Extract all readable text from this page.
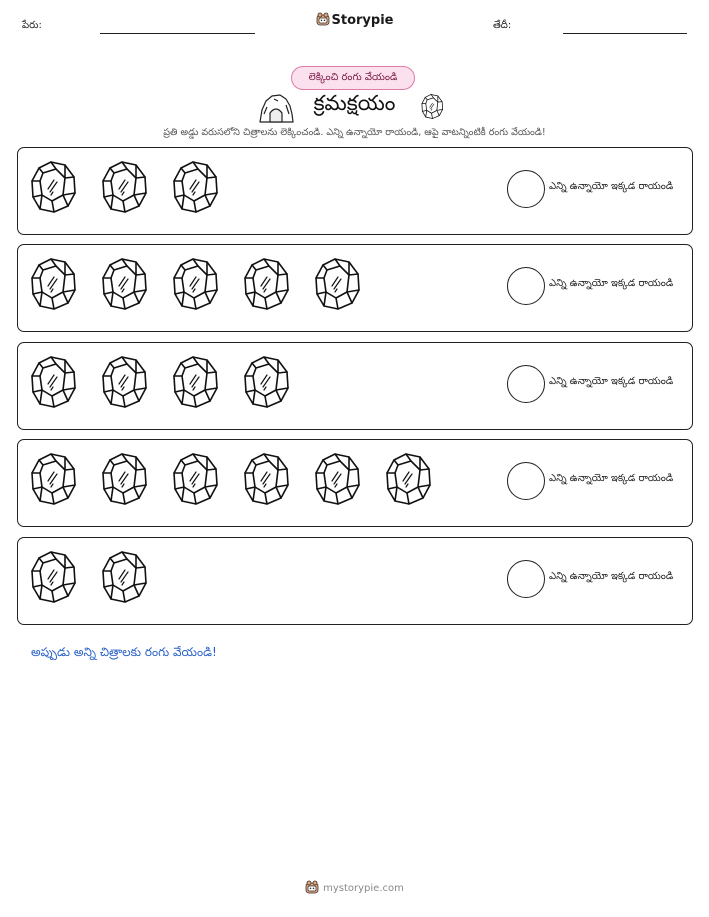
పేరు:	Storypie	తేదీ:
లెక్కించి రంగు వేయండి
క్రమక్షయం
ప్రతి అడ్డు వరుసలోని చిత్రాలను లెక్కించండి. ఎన్ని ఉన్నాయో రాయండి, ఆపై వాటన్నింటికీ రంగు వేయండి!
ఎన్ని ఉన్నాయో ఇక్కడ రాయండి
ఎన్ని ఉన్నాయో ఇక్కడ రాయండి
ఎన్ని ఉన్నాయో ఇక్కడ రాయండి
ఎన్ని ఉన్నాయో ఇక్కడ రాయండి
ఎన్ని ఉన్నాయో ఇక్కడ రాయండి
అప్పుడు అన్ని చిత్రాలకు రంగు వేయండి!
mystorypie.com
